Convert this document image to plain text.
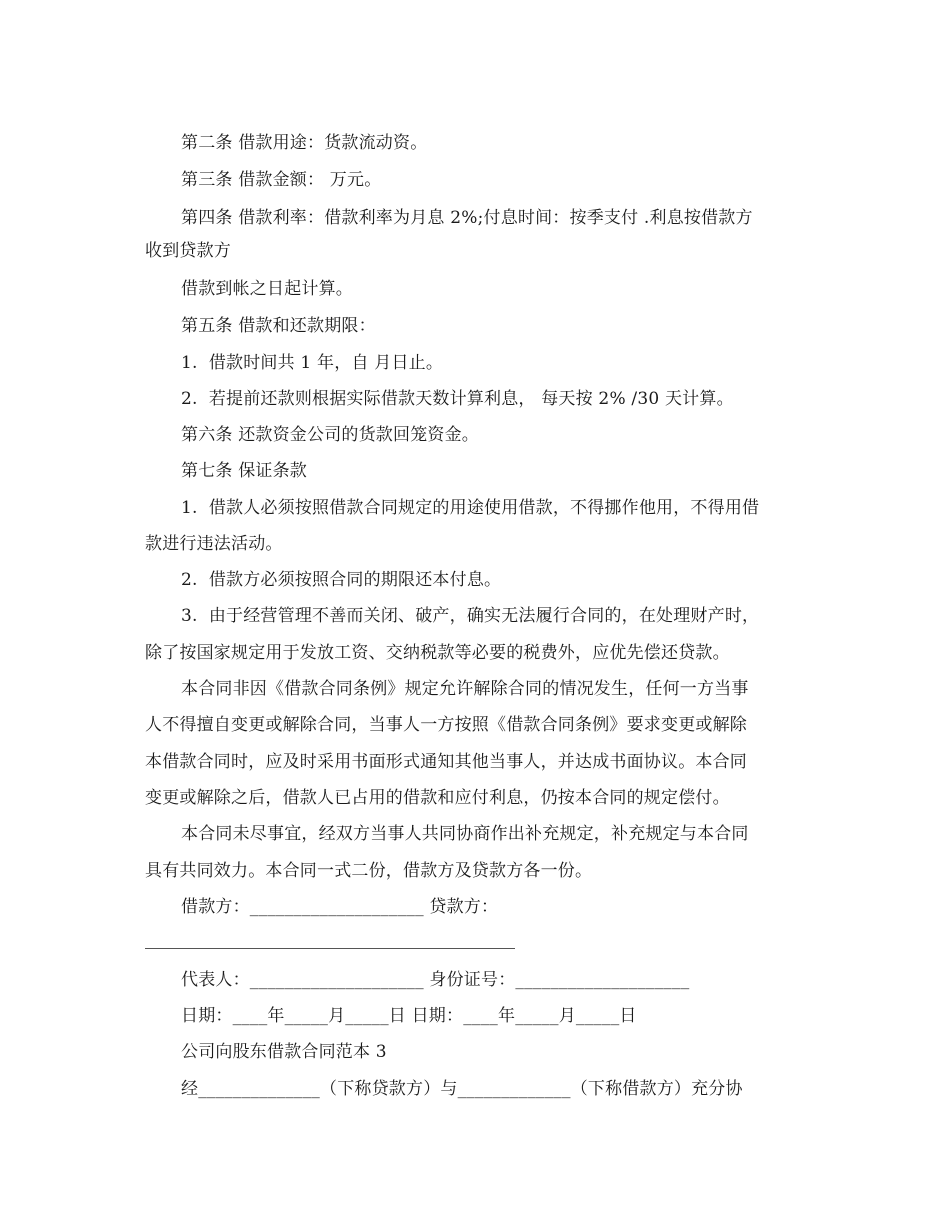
第二条 借款用途：货款流动资。
第三条 借款金额： 万元。
第四条 借款利率：借款利率为月息 2%;付息时间：按季支付 .利息按借款方
收到贷款方
借款到帐之日起计算。
第五条 借款和还款期限：
1.  借款时间共 1 年，自 月日止。
2.  若提前还款则根据实际借款天数计算利息， 每天按 2% /30 天计算。
第六条 还款资金公司的货款回笼资金。
第七条 保证条款
1.  借款人必须按照借款合同规定的用途使用借款，不得挪作他用，不得用借
款进行违法活动。
2.  借款方必须按照合同的期限还本付息。
3.  由于经营管理不善而关闭、破产，确实无法履行合同的，在处理财产时，
除了按国家规定用于发放工资、交纳税款等必要的税费外，应优先偿还贷款。
本合同非因《借款合同条例》规定允许解除合同的情况发生，任何一方当事
人不得擅自变更或解除合同，当事人一方按照《借款合同条例》要求变更或解除
本借款合同时，应及时采用书面形式通知其他当事人，并达成书面协议。本合同
变更或解除之后，借款人已占用的借款和应付利息，仍按本合同的规定偿付。
本合同未尽事宜，经双方当事人共同协商作出补充规定，补充规定与本合同
具有共同效力。本合同一式二份，借款方及贷款方各一份。
借款方：____________________ 贷款方：
代表人：____________________ 身份证号：____________________
日期：____年_____月_____日 日期：____年_____月_____日
公司向股东借款合同范本 3
经______________（下称贷款方）与_____________（下称借款方）充分协
